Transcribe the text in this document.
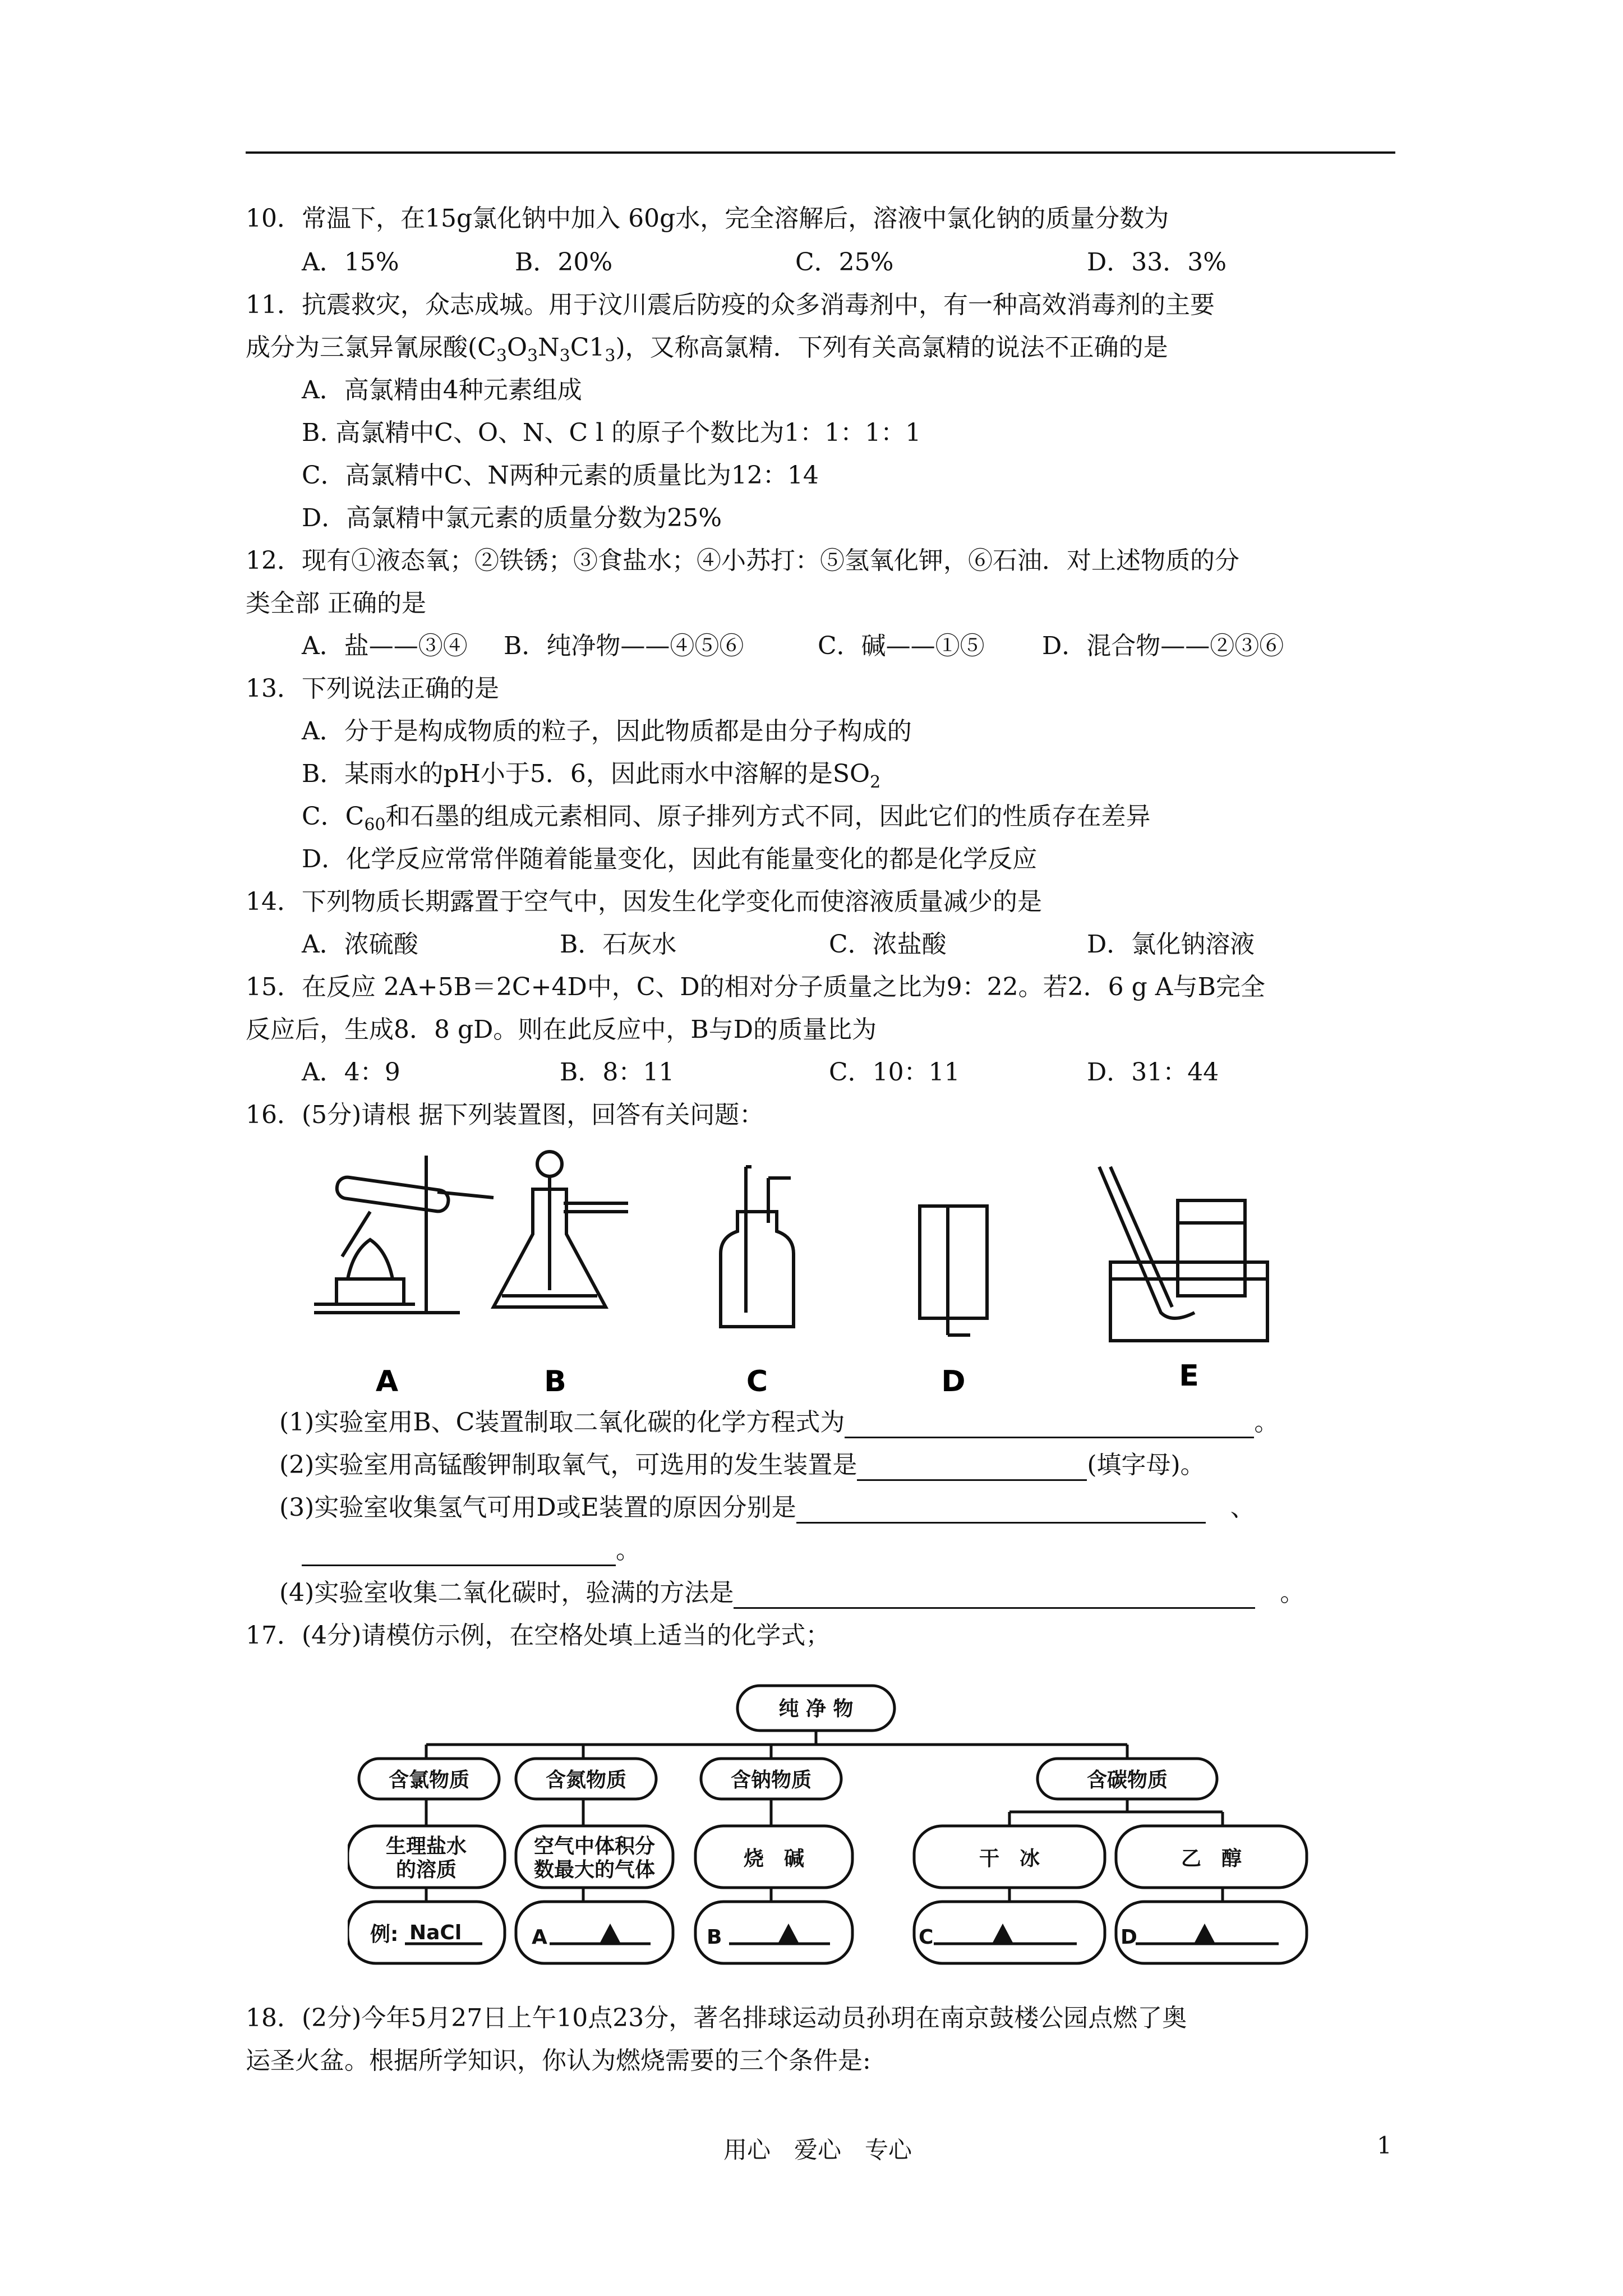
10．常温下，在15g氯化钠中加入 60g水，完全溶解后，溶液中氯化钠的质量分数为
A．15%	B．20%	C．25%	D．33．3%
11．抗震救灾，众志成城。用于汶川震后防疫的众多消毒剂中，有一种高效消毒剂的主要
成分为三氯异氰尿酸$(C_3O_3N_3C1_3)$，又称高氯精．下列有关高氯精的说法不正确的是
A．高氯精由4种元素组成
B. 高氯精中C、O、N、C l 的原子个数比为1：1：1：1
C．高氯精中C、N两种元素的质量比为12：14
D．高氯精中氯元素的质量分数为25%
12．现有①液态氧；②铁锈；③食盐水；④小苏打：⑤氢氧化钾，⑥石油．对上述物质的分
类全部 正确的是
A．盐——③④ B．纯净物——④⑤⑥	C．碱——①⑤ D．混合物——②③⑥
13．下列说法正确的是
A．分于是构成物质的粒子，因此物质都是由分子构成的
B．某雨水的pH小于5．6，因此雨水中溶解的是$SO_2$
C．$C_{60}$和石墨的组成元素相同、原子排列方式不同，因此它们的性质存在差异
D．化学反应常常伴随着能量变化，因此有能量变化的都是化学反应
14．下列物质长期露置于空气中，因发生化学变化而使溶液质量减少的是
A．浓硫酸	B．石灰水	C．浓盐酸	D．氯化钠溶液
15．在反应 2A+5B＝2C+4D中，C、D的相对分子质量之比为9：22。若2．6 g A与B完全
反应后，生成8．8 gD。则在此反应中，B与D的质量比为
A．4：9	B．8：11	C．10：11	D．31：44
16．(5分)请根 据下列装置图，回答有关问题：
A	B	C	D	E
(1)实验室用B、C装置制取二氧化碳的化学方程式为	。
(2)实验室用高锰酸钾制取氧气，可选用的发生装置是	(填字母)。
(3)实验室收集氢气可用D或E装置的原因分别是　	、
。
(4)实验室收集二氧化碳时，验满的方法是　	。
17．(4分)请模仿示例，在空格处填上适当的化学式；
纯 净 物
含氯物质	含氮物质	含钠物质	含碳物质
生理盐水
的溶质
空气中体积分
数最大的气体	烧　碱	干　冰	乙　醇
例: NaCl	A	B	C	D
18．(2分)今年5月27日上午10点23分，著名排球运动员孙玥在南京鼓楼公园点燃了奥
运圣火盆。根据所学知识，你认为燃烧需要的三个条件是:
用心　爱心　专心	1
